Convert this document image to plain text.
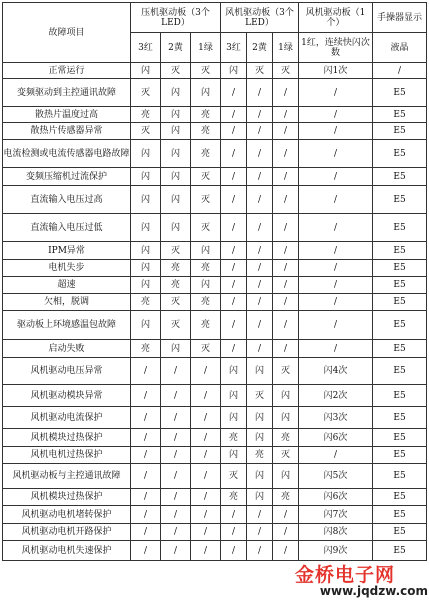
故障项目	压机驱动板（3个LED）			风机驱动板（3个LED）			风机驱动板（1个）	手操器显示
	3红	2黄	1绿	3红	2黄	1绿	1红，连续快闪次数	液晶
正常运行	闪	灭	灭	闪	灭	灭	闪1次	/
变频驱动到主控通讯故障	灭	闪	闪	/	/	/	/	E5
散热片温度过高	亮	闪	亮	/	/	/	/	E5
散热片传感器异常	灭	闪	亮	/	/	/	/	E5
电流检测或电流传感器电路故障	闪	闪	亮	/	/	/	/	E5
变频压缩机过流保护	闪	闪	灭	/	/	/	/	E5
直流输入电压过高	闪	闪	灭	/	/	/	/	E5
直流输入电压过低	闪	闪	灭	/	/	/	/	E5
IPM异常	闪	灭	闪	/	/	/	/	E5
电机失步	闪	亮	亮	/	/	/	/	E5
超速	闪	亮	闪	/	/	/	/	E5
欠相，脱调	亮	灭	亮	/	/	/	/	E5
驱动板上环境感温包故障	闪	灭	亮	/	/	/	/	E5
启动失败	亮	闪	灭	/	/	/	/	E5
风机驱动电压异常	/	/	/	闪	闪	灭	闪4次	E5
风机驱动模块异常	/	/	/	闪	灭	闪	闪2次	E5
风机驱动电流保护	/	/	/	闪	闪	闪	闪3次	E5
风机模块过热保护	/	/	/	亮	闪	亮	闪6次	E5
风机电机过热保护	/	/	/	闪	亮	灭	/	E5
风机驱动板与主控通讯故障	/	/	/	灭	闪	闪	闪5次	E5
风机模块过热保护	/	/	/	亮	闪	亮	闪6次	E5
风机驱动电机堵转保护	/	/	/	/	/	/	闪7次	E5
风机驱动电机开路保护	/	/	/	/	/	/	闪8次	E5
风机驱动电机失速保护	/	/	/	/	/	/	闪9次	E5
金桥电子网
www.jqdzw.com
